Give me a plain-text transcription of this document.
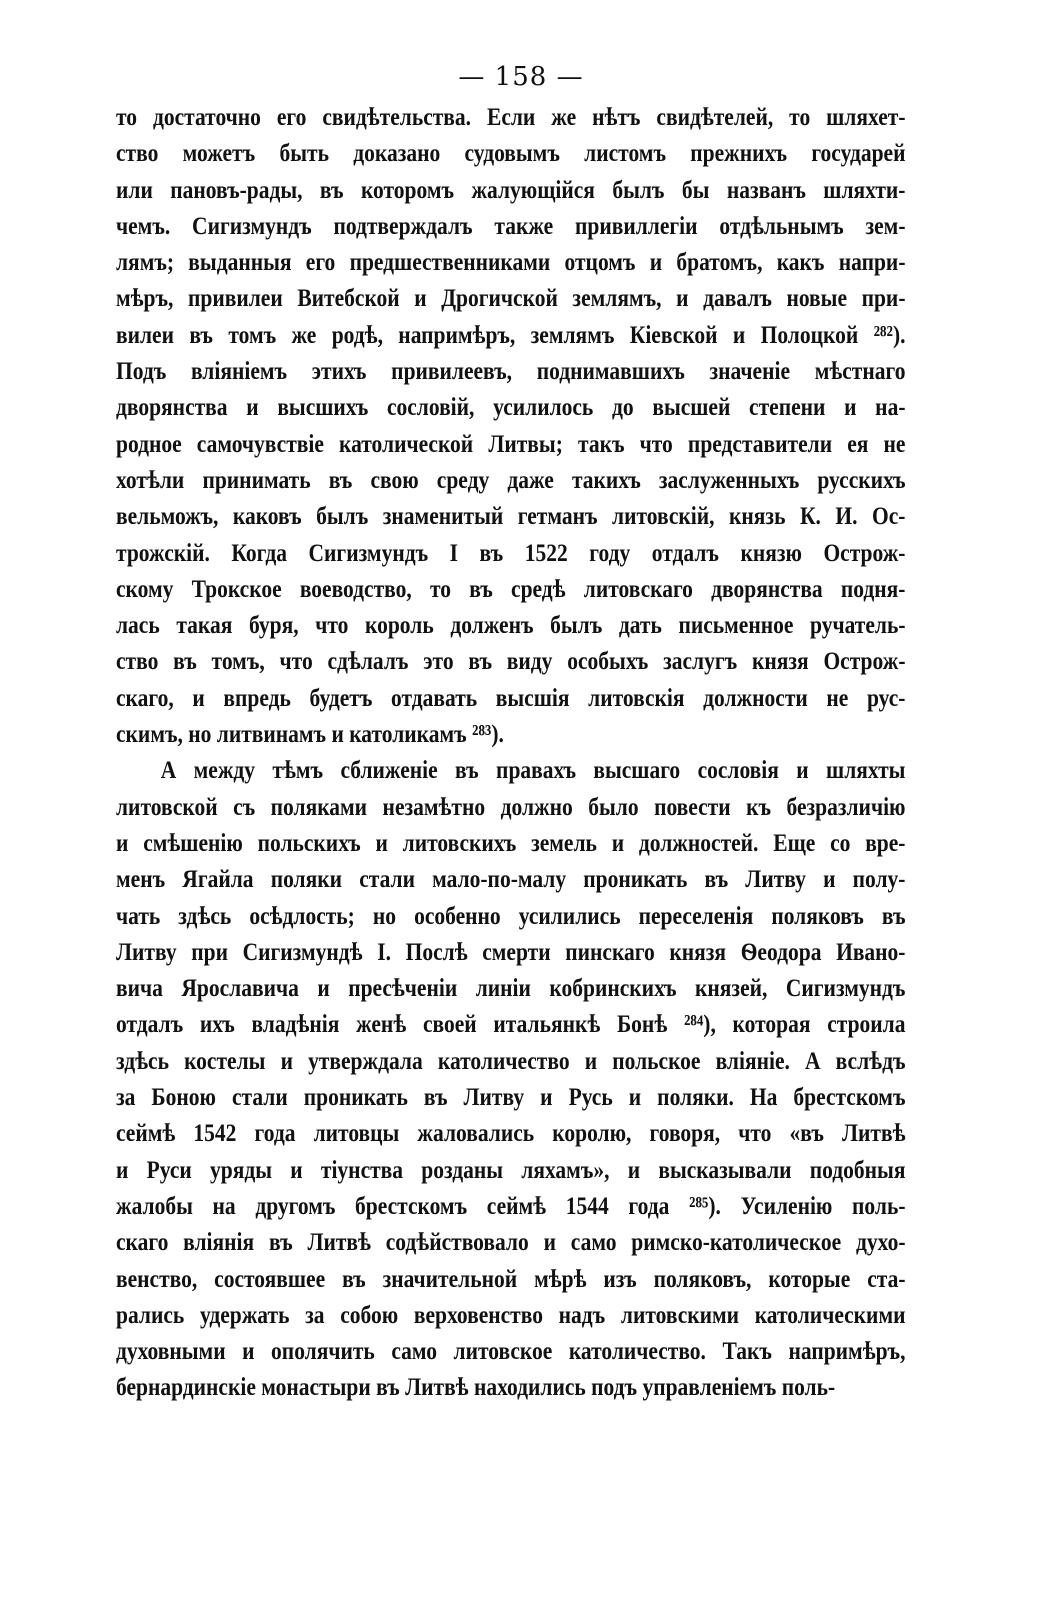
— 158 —
то достаточно его свидѣтельства. Если же нѣтъ свидѣтелей, то шляхет-
ство можетъ быть доказано судовымъ листомъ прежнихъ государей
или пановъ-рады, въ которомъ жалующійся былъ бы названъ шляхти-
чемъ. Сигизмундъ подтверждалъ также привиллегіи отдѣльнымъ зем-
лямъ; выданныя его предшественниками отцомъ и братомъ, какъ напри-
мѣръ, привилеи Витебской и Дрогичской землямъ, и давалъ новые при-
вилеи въ томъ же родѣ, напримѣръ, землямъ Кіевской и Полоцкой ²⁸²).
Подъ вліяніемъ этихъ привилеевъ, поднимавшихъ значеніе мѣстнаго
дворянства и высшихъ сословій, усилилось до высшей степени и на-
родное самочувствіе католической Литвы; такъ что представители ея не
хотѣли принимать въ свою среду даже такихъ заслуженныхъ русскихъ
вельможъ, каковъ былъ знаменитый гетманъ литовскій, князь К. И. Ос-
трожскій. Когда Сигизмундъ I въ 1522 году отдалъ князю Острож-
скому Трокское воеводство, то въ средѣ литовскаго дворянства подня-
лась такая буря, что король долженъ былъ дать письменное ручатель-
ство въ томъ, что сдѣлалъ это въ виду особыхъ заслугъ князя Острож-
скаго, и впредь будетъ отдавать высшія литовскія должности не рус-
скимъ, но литвинамъ и католикамъ ²⁸³).
А между тѣмъ сближеніе въ правахъ высшаго сословія и шляхты
литовской съ поляками незамѣтно должно было повести къ безразличію
и смѣшенію польскихъ и литовскихъ земель и должностей. Еще со вре-
менъ Ягайла поляки стали мало-по-малу проникать въ Литву и полу-
чать здѣсь осѣдлость; но особенно усилились переселенія поляковъ въ
Литву при Сигизмундѣ I. Послѣ смерти пинскаго князя Ѳеодора Ивано-
вича Ярославича и пресѣченіи линіи кобринскихъ князей, Сигизмундъ
отдалъ ихъ владѣнія женѣ своей итальянкѣ Бонѣ ²⁸⁴), которая строила
здѣсь костелы и утверждала католичество и польское вліяніе. А вслѣдъ
за Боною стали проникать въ Литву и Русь и поляки. На брестскомъ
сеймѣ 1542 года литовцы жаловались королю, говоря, что «въ Литвѣ
и Руси уряды и тіунства розданы ляхамъ», и высказывали подобныя
жалобы на другомъ брестскомъ сеймѣ 1544 года ²⁸⁵). Усиленію поль-
скаго вліянія въ Литвѣ содѣйствовало и само римско-католическое духо-
венство, состоявшее въ значительной мѣрѣ изъ поляковъ, которые ста-
рались удержать за собою верховенство надъ литовскими католическими
духовными и ополячить само литовское католичество. Такъ напримѣръ,
бернардинскіе монастыри въ Литвѣ находились подъ управленіемъ поль-
